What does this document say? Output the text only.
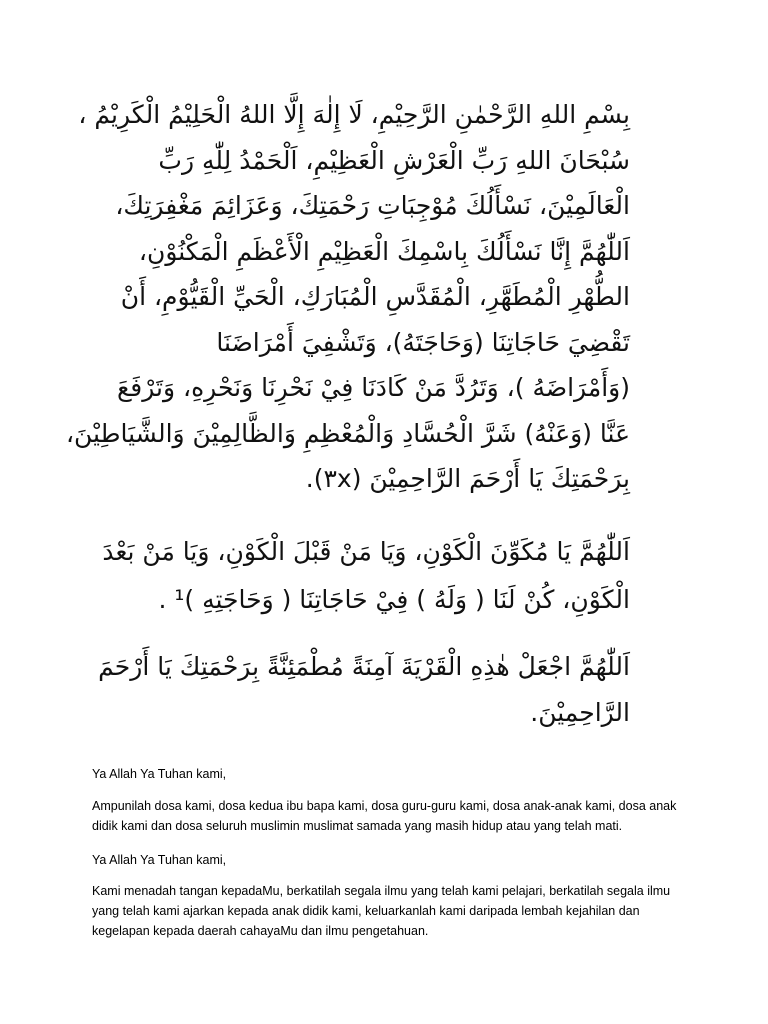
بِسْمِ اللهِ الرَّحْمٰنِ الرَّحِيْمِ، لَا إِلٰهَ إِلَّا اللهُ الْحَلِيْمُ الْكَرِيْمُ ،
سُبْحَانَ اللهِ رَبِّ الْعَرْشِ الْعَظِيْمِ، اَلْحَمْدُ لِلّٰهِ رَبِّ
الْعَالَمِيْنَ، نَسْأَلُكَ مُوْجِبَاتِ رَحْمَتِكَ، وَعَزَائِمَ مَغْفِرَتِكَ،
اَللّٰهُمَّ إِنَّا نَسْأَلُكَ بِاسْمِكَ الْعَظِيْمِ الْأَعْظَمِ الْمَكْنُوْنِ،
الطُّهْرِ الْمُطَهَّرِ، الْمُقَدَّسِ الْمُبَارَكِ، الْحَيِّ الْقَيُّوْمِ، أَنْ
تَقْضِيَ حَاجَاتِنَا (وَحَاجَتَهُ)، وَتَشْفِيَ أَمْرَاضَنَا
(وَأَمْرَاضَهُ )، وَتَرُدَّ مَنْ كَادَنَا فِيْ نَحْرِنَا وَنَحْرِهِ، وَتَرْفَعَ
عَنَّا (وَعَنْهُ) شَرَّ الْحُسَّادِ وَالْمُعْظِمِ وَالظَّالِمِيْنَ وَالشَّيَاطِيْنَ،
بِرَحْمَتِكَ يَا أَرْحَمَ الرَّاحِمِيْنَ (٣x).
اَللّٰهُمَّ يَا مُكَوِّنَ الْكَوْنِ، وَيَا مَنْ قَبْلَ الْكَوْنِ، وَيَا مَنْ بَعْدَ
الْكَوْنِ، كُنْ لَنَا ( وَلَهُ ) فِيْ حَاجَاتِنَا ( وَحَاجَتِهِ )¹ .
اَللّٰهُمَّ اجْعَلْ هٰذِهِ الْقَرْيَةَ آمِنَةً مُطْمَئِنَّةً بِرَحْمَتِكَ يَا أَرْحَمَ
الرَّاحِمِيْنَ.

Ya Allah Ya Tuhan kami,

Ampunilah dosa kami, dosa kedua ibu bapa kami, dosa guru-guru kami, dosa anak-anak kami, dosa anak didik kami dan dosa seluruh muslimin muslimat samada yang masih hidup atau yang telah mati.

Ya Allah Ya Tuhan kami,

Kami menadah tangan kepadaMu, berkatilah segala ilmu yang telah kami pelajari, berkatilah segala ilmu yang telah kami ajarkan kepada anak didik kami, keluarkanlah kami daripada lembah kejahilan dan kegelapan kepada daerah cahayaMu dan ilmu pengetahuan.
